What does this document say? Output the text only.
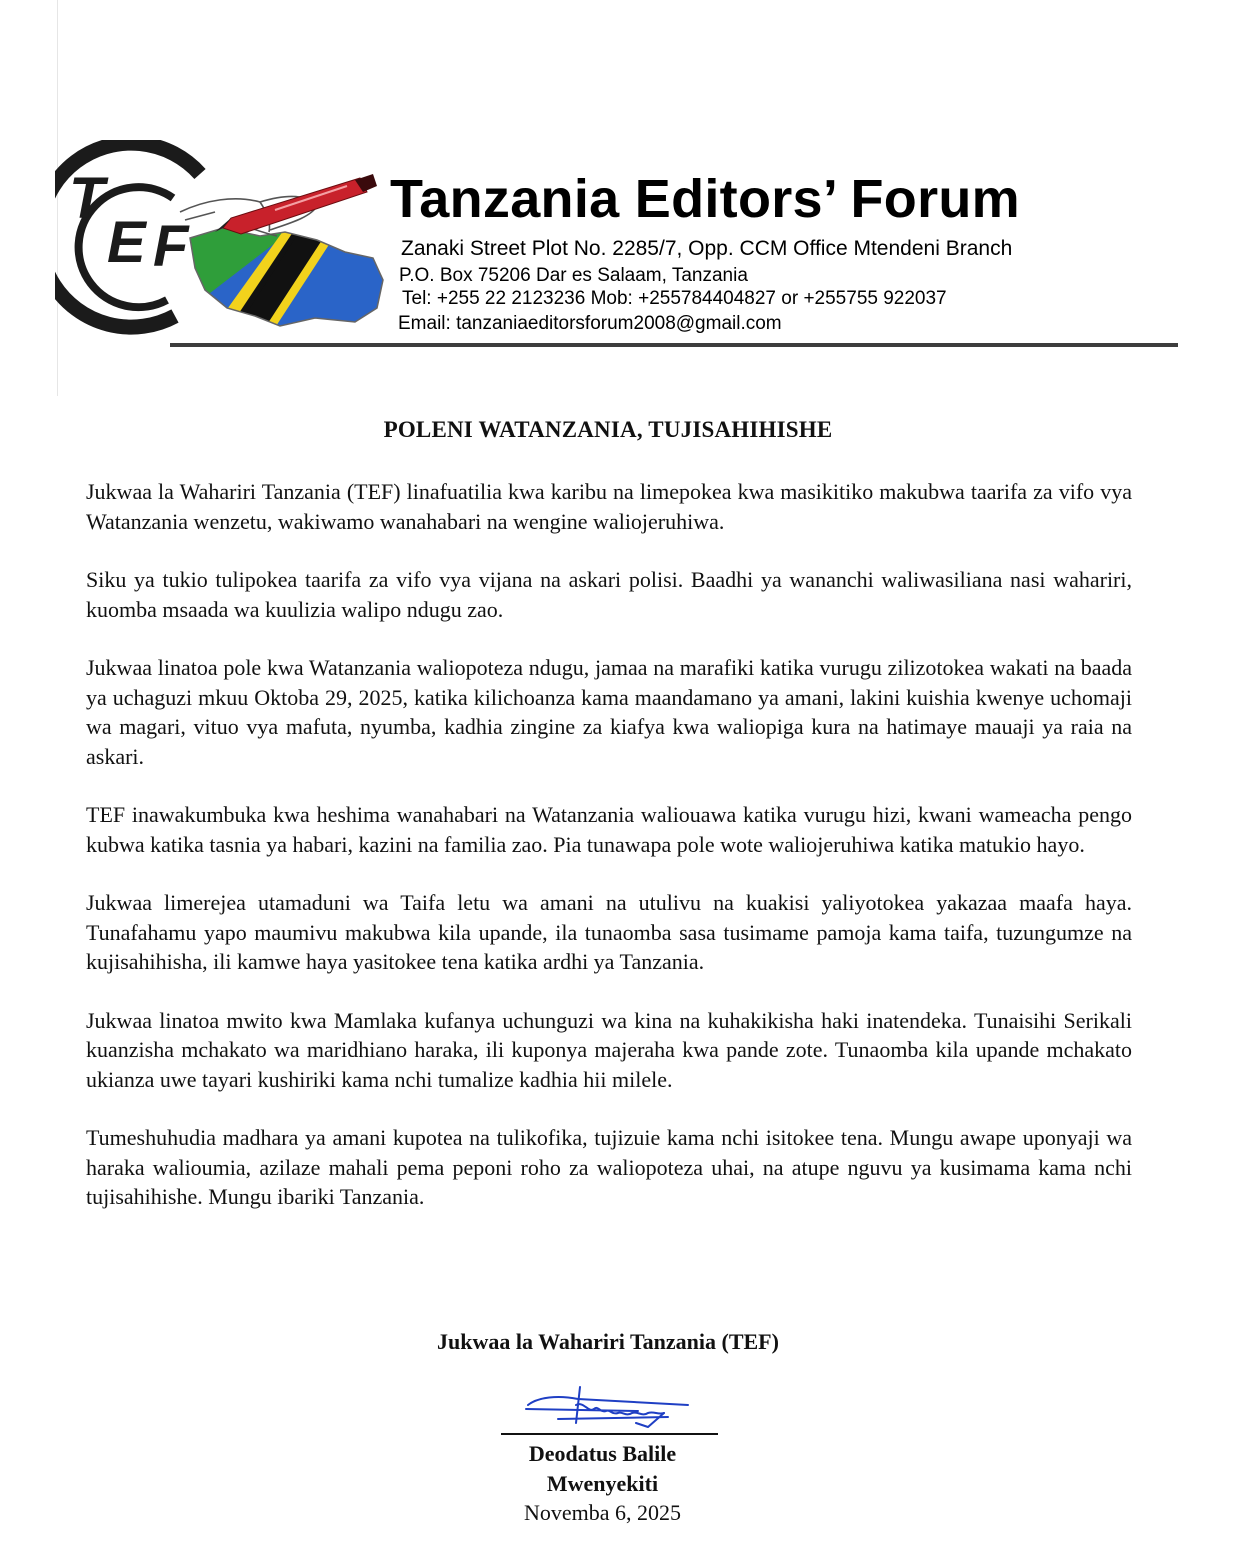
T
E F
Tanzania Editors’ Forum
Zanaki Street Plot No. 2285/7, Opp. CCM Office Mtendeni Branch
P.O. Box 75206 Dar es Salaam, Tanzania
Tel: +255 22 2123236 Mob: +255784404827 or +255755 922037
Email: tanzaniaeditorsforum2008@gmail.com
POLENI WATANZANIA, TUJISAHIHISHE

Jukwaa la Wahariri Tanzania (TEF) linafuatilia kwa karibu na limepokea kwa masikitiko makubwa taarifa za vifo vya Watanzania wenzetu, wakiwamo wanahabari na wengine waliojeruhiwa.

Siku ya tukio tulipokea taarifa za vifo vya vijana na askari polisi. Baadhi ya wananchi waliwasiliana nasi wahariri, kuomba msaada wa kuulizia walipo ndugu zao.

Jukwaa linatoa pole kwa Watanzania waliopoteza ndugu, jamaa na marafiki katika vurugu zilizotokea wakati na baada ya uchaguzi mkuu Oktoba 29, 2025, katika kilichoanza kama maandamano ya amani, lakini kuishia kwenye uchomaji wa magari, vituo vya mafuta, nyumba, kadhia zingine za kiafya kwa waliopiga kura na hatimaye mauaji ya raia na askari.

TEF inawakumbuka kwa heshima wanahabari na Watanzania waliouawa katika vurugu hizi, kwani wameacha pengo kubwa katika tasnia ya habari, kazini na familia zao. Pia tunawapa pole wote waliojeruhiwa katika matukio hayo.

Jukwaa limerejea utamaduni wa Taifa letu wa amani na utulivu na kuakisi yaliyotokea yakazaa maafa haya. Tunafahamu yapo maumivu makubwa kila upande, ila tunaomba sasa tusimame pamoja kama taifa, tuzungumze na kujisahihisha, ili kamwe haya yasitokee tena katika ardhi ya Tanzania.

Jukwaa linatoa mwito kwa Mamlaka kufanya uchunguzi wa kina na kuhakikisha haki inatendeka. Tunaisihi Serikali kuanzisha mchakato wa maridhiano haraka, ili kuponya majeraha kwa pande zote. Tunaomba kila upande mchakato ukianza uwe tayari kushiriki kama nchi tumalize kadhia hii milele.

Tumeshuhudia madhara ya amani kupotea na tulikofika, tujizuie kama nchi isitokee tena. Mungu awape uponyaji wa haraka walioumia, azilaze mahali pema peponi roho za waliopoteza uhai, na atupe nguvu ya kusimama kama nchi tujisahihishe. Mungu ibariki Tanzania.

Jukwaa la Wahariri Tanzania (TEF)
Deodatus Balile
Mwenyekiti
Novemba 6, 2025
